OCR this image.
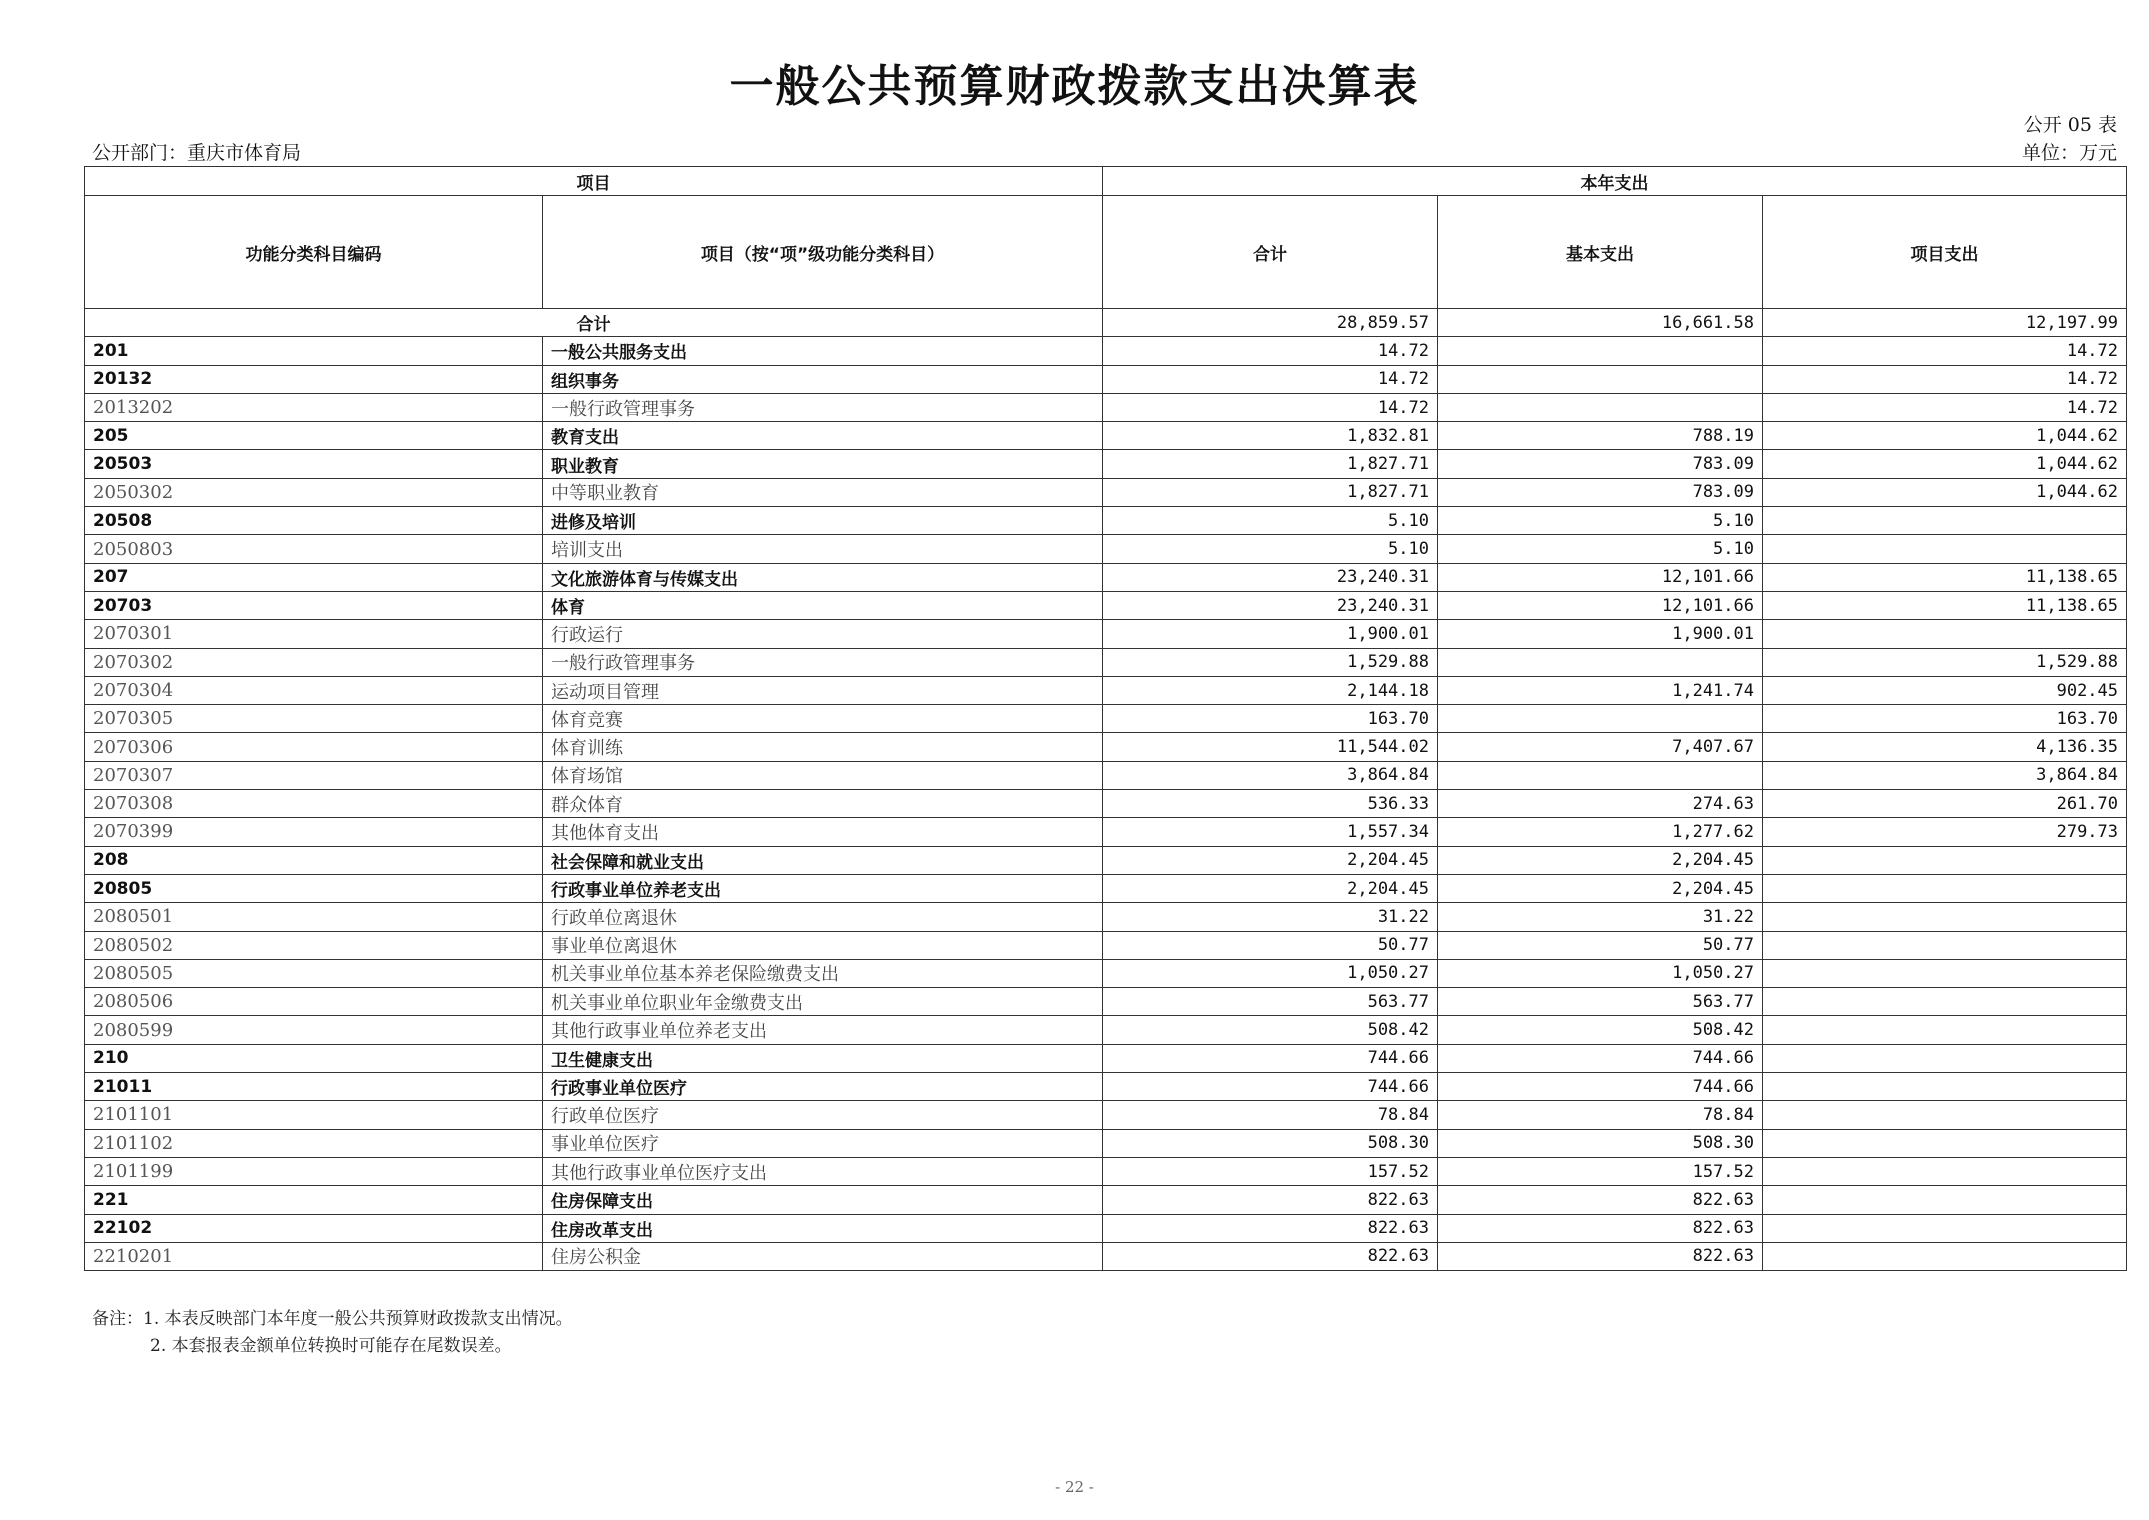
一般公共预算财政拨款支出决算表
公开 05 表
公开部门：重庆市体育局	单位：万元
项目		本年支出		
功能分类科目编码	项目（按“项”级功能分类科目）	合计	基本支出	项目支出
合计		28,859.57	16,661.58	12,197.99
201	一般公共服务支出	14.72		14.72
20132	组织事务	14.72		14.72
2013202	一般行政管理事务	14.72		14.72
205	教育支出	1,832.81	788.19	1,044.62
20503	职业教育	1,827.71	783.09	1,044.62
2050302	中等职业教育	1,827.71	783.09	1,044.62
20508	进修及培训	5.10	5.10	
2050803	培训支出	5.10	5.10	
207	文化旅游体育与传媒支出	23,240.31	12,101.66	11,138.65
20703	体育	23,240.31	12,101.66	11,138.65
2070301	行政运行	1,900.01	1,900.01	
2070302	一般行政管理事务	1,529.88		1,529.88
2070304	运动项目管理	2,144.18	1,241.74	902.45
2070305	体育竞赛	163.70		163.70
2070306	体育训练	11,544.02	7,407.67	4,136.35
2070307	体育场馆	3,864.84		3,864.84
2070308	群众体育	536.33	274.63	261.70
2070399	其他体育支出	1,557.34	1,277.62	279.73
208	社会保障和就业支出	2,204.45	2,204.45	
20805	行政事业单位养老支出	2,204.45	2,204.45	
2080501	行政单位离退休	31.22	31.22	
2080502	事业单位离退休	50.77	50.77	
2080505	机关事业单位基本养老保险缴费支出	1,050.27	1,050.27	
2080506	机关事业单位职业年金缴费支出	563.77	563.77	
2080599	其他行政事业单位养老支出	508.42	508.42	
210	卫生健康支出	744.66	744.66	
21011	行政事业单位医疗	744.66	744.66	
2101101	行政单位医疗	78.84	78.84	
2101102	事业单位医疗	508.30	508.30	
2101199	其他行政事业单位医疗支出	157.52	157.52	
221	住房保障支出	822.63	822.63	
22102	住房改革支出	822.63	822.63	
2210201	住房公积金	822.63	822.63	
备注：1. 本表反映部门本年度一般公共预算财政拨款支出情况。
2. 本套报表金额单位转换时可能存在尾数误差。
- 22 -
